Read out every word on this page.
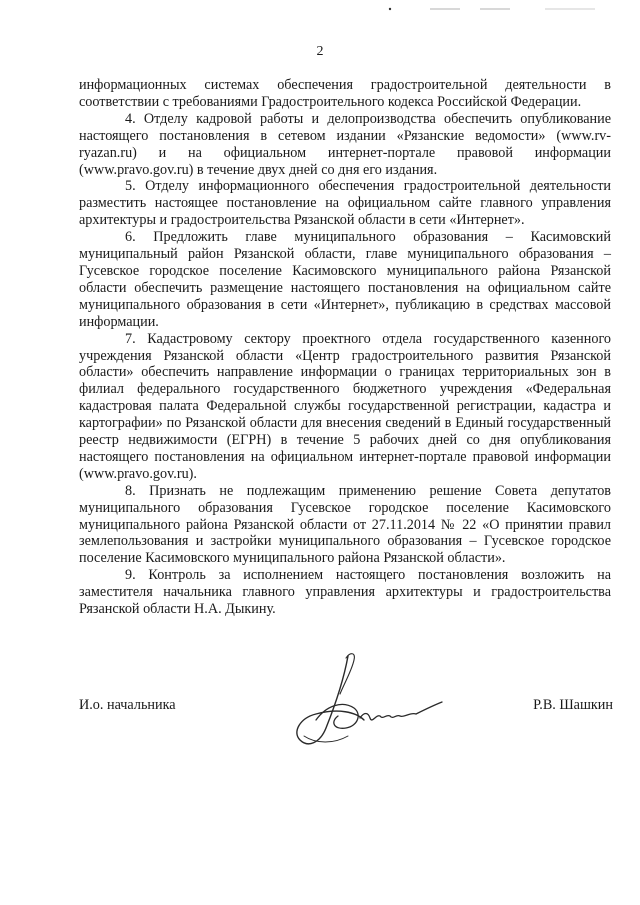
2

информационных системах обеспечения градостроительной деятельности в соответствии с требованиями Градостроительного кодекса Российской Федерации.

4. Отделу кадровой работы и делопроизводства обеспечить опубликование настоящего постановления в сетевом издании «Рязанские ведомости» (www.rv-ryazan.ru) и на официальном интернет-портале правовой информации (www.pravo.gov.ru) в течение двух дней со дня его издания.

5. Отделу информационного обеспечения градостроительной деятельности разместить настоящее постановление на официальном сайте главного управления архитектуры и градостроительства Рязанской области в сети «Интернет».

6. Предложить главе муниципального образования – Касимовский муниципальный район Рязанской области, главе муниципального образования – Гусевское городское поселение Касимовского муниципального района Рязанской области обеспечить размещение настоящего постановления на официальном сайте муниципального образования в сети «Интернет», публикацию в средствах массовой информации.

7. Кадастровому сектору проектного отдела государственного казенного учреждения Рязанской области «Центр градостроительного развития Рязанской области» обеспечить направление информации о границах территориальных зон в филиал федерального государственного бюджетного учреждения «Федеральная кадастровая палата Федеральной службы государственной регистрации, кадастра и картографии» по Рязанской области для внесения сведений в Единый государственный реестр недвижимости (ЕГРН) в течение 5 рабочих дней со дня опубликования настоящего постановления на официальном интернет-портале правовой информации (www.pravo.gov.ru).

8. Признать не подлежащим применению решение Совета депутатов муниципального образования Гусевское городское поселение Касимовского муниципального района Рязанской области от 27.11.2014 № 22 «О принятии правил землепользования и застройки муниципального образования – Гусевское городское поселение Касимовского муниципального района Рязанской области».

9. Контроль за исполнением настоящего постановления возложить на заместителя начальника главного управления архитектуры и градостроительства Рязанской области Н.А. Дыкину.

И.о. начальника	Р.В. Шашкин
